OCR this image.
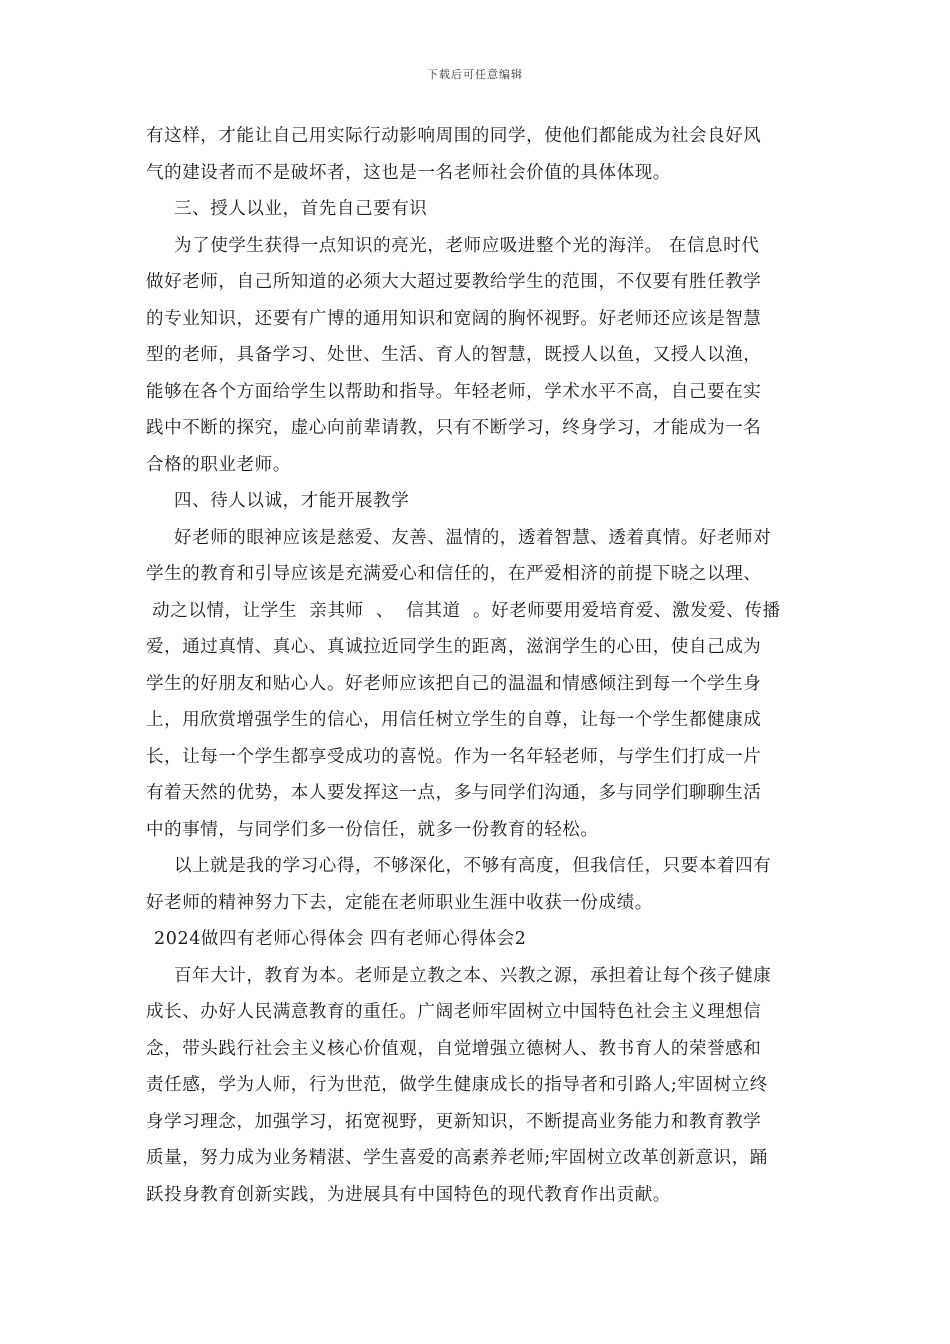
下载后可任意编辑
有这样，才能让自己用实际行动影响周围的同学，使他们都能成为社会良好风
气的建设者而不是破坏者，这也是一名老师社会价值的具体体现。
三、授人以业，首先自己要有识
为了使学生获得一点知识的亮光，老师应吸进整个光的海洋。 在信息时代
做好老师，自己所知道的必须大大超过要教给学生的范围，不仅要有胜任教学
的专业知识，还要有广博的通用知识和宽阔的胸怀视野。好老师还应该是智慧
型的老师，具备学习、处世、生活、育人的智慧，既授人以鱼，又授人以渔，
能够在各个方面给学生以帮助和指导。年轻老师，学术水平不高，自己要在实
践中不断的探究，虚心向前辈请教，只有不断学习，终身学习，才能成为一名
合格的职业老师。
四、待人以诚，才能开展教学
好老师的眼神应该是慈爱、友善、温情的，透着智慧、透着真情。好老师对
学生的教育和引导应该是充满爱心和信任的，在严爱相济的前提下晓之以理、
动之以情，让学生  亲其师  、  信其道  。好老师要用爱培育爱、激发爱、传播
爱，通过真情、真心、真诚拉近同学生的距离，滋润学生的心田，使自己成为
学生的好朋友和贴心人。好老师应该把自己的温温和情感倾注到每一个学生身
上，用欣赏增强学生的信心，用信任树立学生的自尊，让每一个学生都健康成
长，让每一个学生都享受成功的喜悦。作为一名年轻老师，与学生们打成一片
有着天然的优势，本人要发挥这一点，多与同学们沟通，多与同学们聊聊生活
中的事情，与同学们多一份信任，就多一份教育的轻松。
以上就是我的学习心得，不够深化，不够有高度，但我信任，只要本着四有
好老师的精神努力下去，定能在老师职业生涯中收获一份成绩。
2024做四有老师心得体会 四有老师心得体会2
百年大计，教育为本。老师是立教之本、兴教之源，承担着让每个孩子健康
成长、办好人民满意教育的重任。广阔老师牢固树立中国特色社会主义理想信
念，带头践行社会主义核心价值观，自觉增强立德树人、教书育人的荣誉感和
责任感，学为人师，行为世范，做学生健康成长的指导者和引路人;牢固树立终
身学习理念，加强学习，拓宽视野，更新知识，不断提高业务能力和教育教学
质量，努力成为业务精湛、学生喜爱的高素养老师;牢固树立改革创新意识，踊
跃投身教育创新实践，为进展具有中国特色的现代教育作出贡献。
